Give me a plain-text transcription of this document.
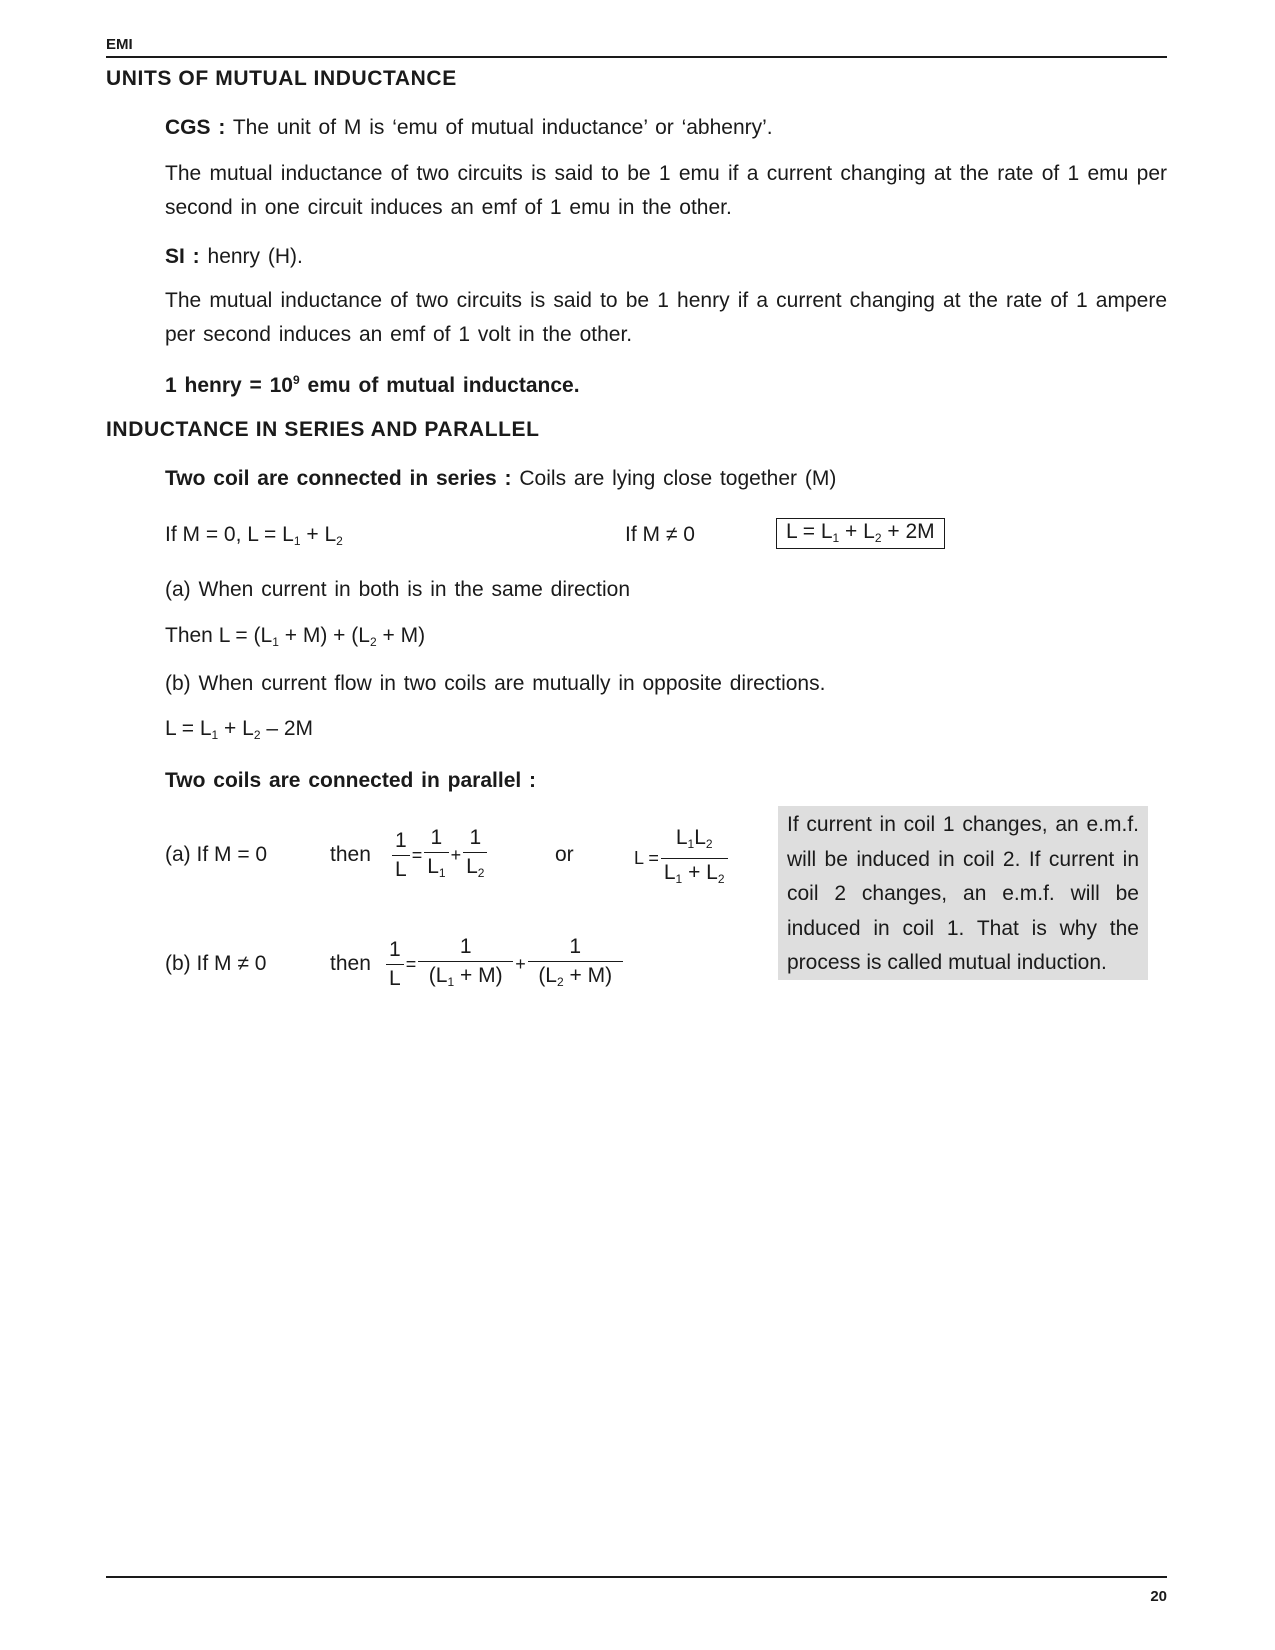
EMI
UNITS OF MUTUAL INDUCTANCE
CGS : The unit of M is ‘emu of mutual inductance’ or ‘abhenry’.
The mutual inductance of two circuits is said to be 1 emu if a current changing at the rate of 1 emu per second in one circuit induces an emf of 1 emu in the other.
SI : henry (H).
The mutual inductance of two circuits is said to be 1 henry if a current changing at the rate of 1 ampere per second induces an emf of 1 volt in the other.
1 henry = $10^9$ emu of mutual inductance.
INDUCTANCE IN SERIES AND PARALLEL
Two coil are connected in series : Coils are lying close together (M)
If M = 0, $L = L_1 + L_2$	If M ≠ 0	$L = L_1 + L_2 + 2M$
(a) When current in both is in the same direction
Then $L = (L_1 + M) + (L_2 + M)$
(b) When current flow in two coils are mutually in opposite directions.
$L = L_1 + L_2 - 2M$
Two coils are connected in parallel :
(a) If M = 0	then $\frac{1}{L} = \frac{1}{L_1} + \frac{1}{L_2}$	or	$L = \frac{L_1L_2}{L_1 + L_2}$
(b) If M ≠ 0	then $\frac{1}{L} = \frac{1}{(L_1 + M)} + \frac{1}{(L_2 + M)}$
If current in coil 1 changes, an e.m.f. will be induced in coil 2. If current in coil 2 changes, an e.m.f. will be induced in coil 1. That is why the process is called mutual induction.
20
